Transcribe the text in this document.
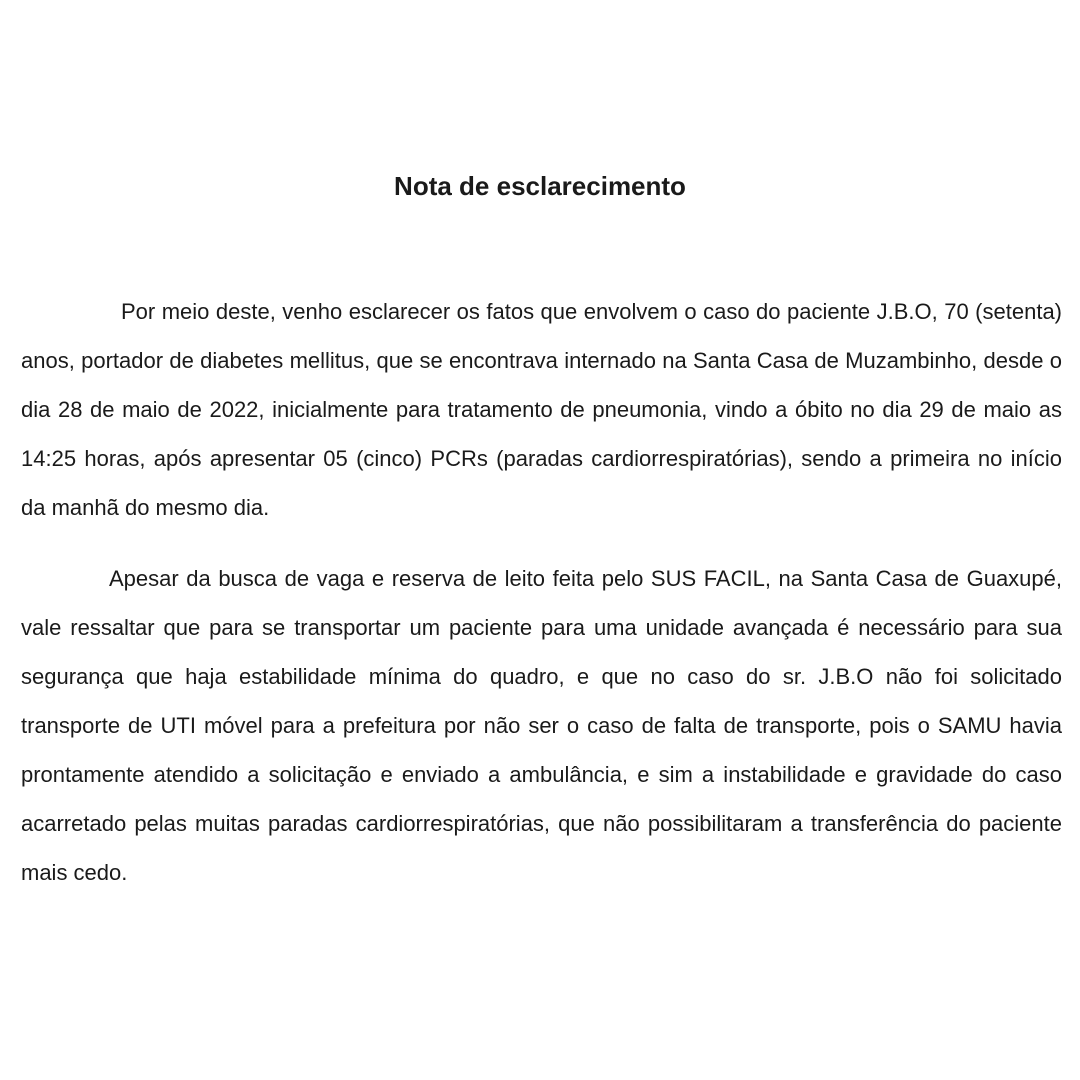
Nota de esclarecimento
Por meio deste, venho esclarecer os fatos que envolvem o caso do paciente J.B.O, 70 (setenta) anos, portador de diabetes mellitus, que se encontrava internado na Santa Casa de Muzambinho, desde o dia 28 de maio de 2022, inicialmente para tratamento de pneumonia, vindo a óbito no dia 29 de maio as 14:25 horas, após apresentar 05 (cinco) PCRs (paradas cardiorrespiratórias), sendo a primeira no início da manhã do mesmo dia.
Apesar da busca de vaga e reserva de leito feita pelo SUS FACIL, na Santa Casa de Guaxupé, vale ressaltar que para se transportar um paciente para uma unidade avançada é necessário para sua segurança que haja estabilidade mínima do quadro, e que no caso do sr. J.B.O não foi solicitado transporte de UTI móvel para a prefeitura por não ser o caso de falta de transporte, pois o SAMU havia prontamente atendido a solicitação e enviado a ambulância, e sim a instabilidade e gravidade do caso acarretado pelas muitas paradas cardiorrespiratórias, que não possibilitaram a transferência do paciente mais cedo.
